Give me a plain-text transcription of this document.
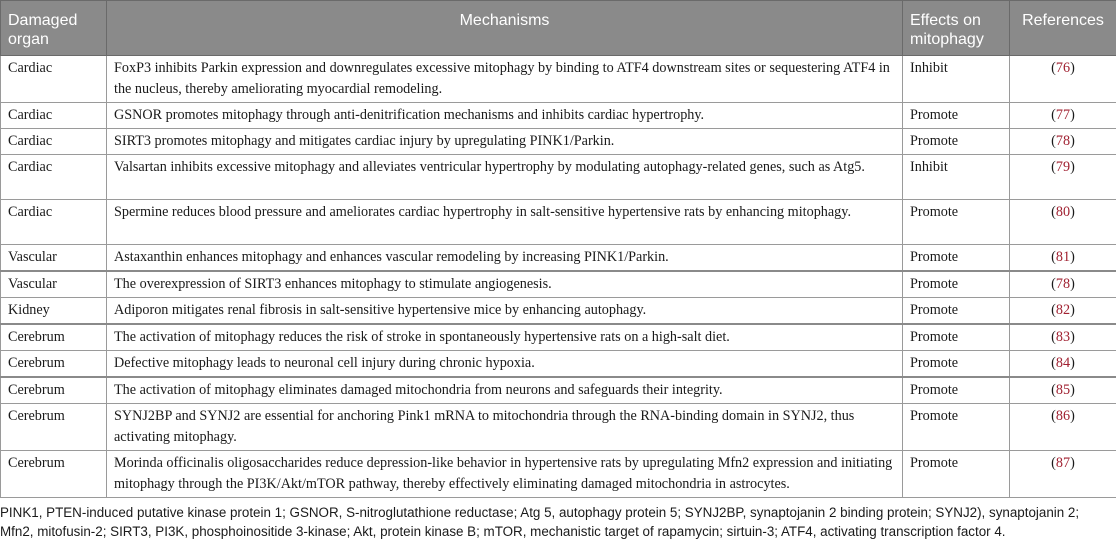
Damaged organ	Mechanisms	Effects on mitophagy	References
Cardiac	FoxP3 inhibits Parkin expression and downregulates excessive mitophagy by binding to ATF4 downstream sites or sequestering ATF4 in the nucleus, thereby ameliorating myocardial remodeling.	Inhibit	(76)
Cardiac	GSNOR promotes mitophagy through anti-denitrification mechanisms and inhibits cardiac hypertrophy.	Promote	(77)
Cardiac	SIRT3 promotes mitophagy and mitigates cardiac injury by upregulating PINK1/Parkin.	Promote	(78)
Cardiac	Valsartan inhibits excessive mitophagy and alleviates ventricular hypertrophy by modulating autophagy-related genes, such as Atg5.	Inhibit	(79)
Cardiac	Spermine reduces blood pressure and ameliorates cardiac hypertrophy in salt-sensitive hypertensive rats by enhancing mitophagy.	Promote	(80)
Vascular	Astaxanthin enhances mitophagy and enhances vascular remodeling by increasing PINK1/Parkin.	Promote	(81)
Vascular	The overexpression of SIRT3 enhances mitophagy to stimulate angiogenesis.	Promote	(78)
Kidney	Adiporon mitigates renal fibrosis in salt-sensitive hypertensive mice by enhancing autophagy.	Promote	(82)
Cerebrum	The activation of mitophagy reduces the risk of stroke in spontaneously hypertensive rats on a high-salt diet.	Promote	(83)
Cerebrum	Defective mitophagy leads to neuronal cell injury during chronic hypoxia.	Promote	(84)
Cerebrum	The activation of mitophagy eliminates damaged mitochondria from neurons and safeguards their integrity.	Promote	(85)
Cerebrum	SYNJ2BP and SYNJ2 are essential for anchoring Pink1 mRNA to mitochondria through the RNA-binding domain in SYNJ2, thus activating mitophagy.	Promote	(86)
Cerebrum	Morinda officinalis oligosaccharides reduce depression-like behavior in hypertensive rats by upregulating Mfn2 expression and initiating mitophagy through the PI3K/Akt/mTOR pathway, thereby effectively eliminating damaged mitochondria in astrocytes.	Promote	(87)

PINK1, PTEN-induced putative kinase protein 1; GSNOR, S-nitroglutathione reductase; Atg 5, autophagy protein 5; SYNJ2BP, synaptojanin 2 binding protein; SYNJ2), synaptojanin 2; Mfn2, mitofusin-2; SIRT3, PI3K, phosphoinositide 3-kinase; Akt, protein kinase B; mTOR, mechanistic target of rapamycin; sirtuin-3; ATF4, activating transcription factor 4.
